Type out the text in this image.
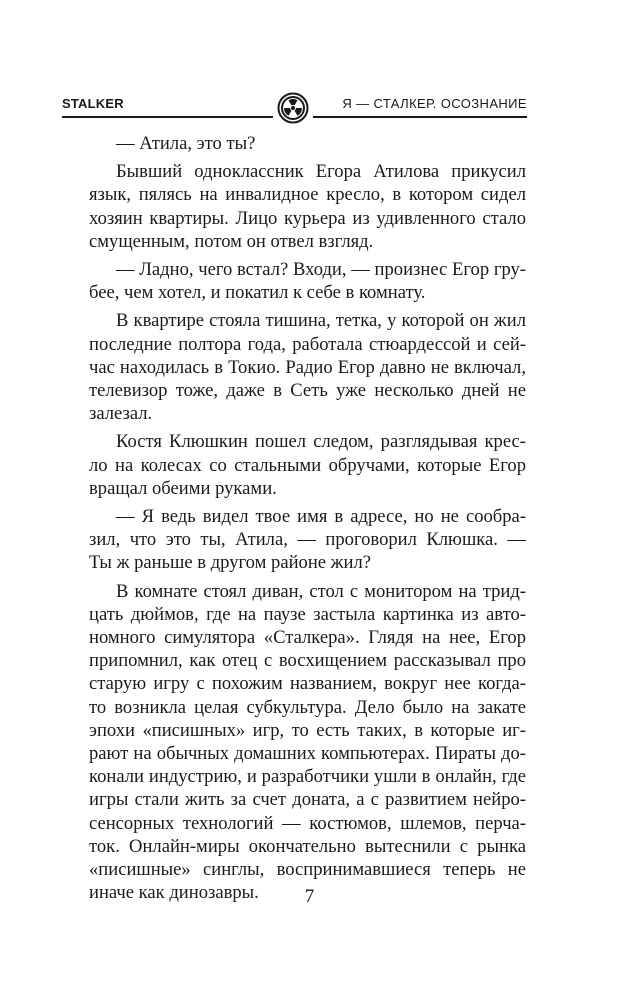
STALKER	Я — СТАЛКЕР. ОСОЗНАНИЕ
— Атила, это ты?
Бывший одноклассник Егора Атилова прикусил
язык, пялясь на инвалидное кресло, в котором сидел
хозяин квартиры. Лицо курьера из удивленного стало
смущенным, потом он отвел взгляд.
— Ладно, чего встал? Входи, — произнес Егор гру-
бее, чем хотел, и покатил к себе в комнату.
В квартире стояла тишина, тетка, у которой он жил
последние полтора года, работала стюардессой и сей-
час находилась в Токио. Радио Егор давно не включал,
телевизор тоже, даже в Сеть уже несколько дней не
залезал.
Костя Клюшкин пошел следом, разглядывая крес-
ло на колесах со стальными обручами, которые Егор
вращал обеими руками.
— Я ведь видел твое имя в адресе, но не сообра-
зил, что это ты, Атила, — проговорил Клюшка. —
Ты ж раньше в другом районе жил?
В комнате стоял диван, стол с монитором на трид-
цать дюймов, где на паузе застыла картинка из авто-
номного симулятора «Сталкера». Глядя на нее, Егор
припомнил, как отец с восхищением рассказывал про
старую игру с похожим названием, вокруг нее когда-
то возникла целая субкультура. Дело было на закате
эпохи «писишных» игр, то есть таких, в которые иг-
рают на обычных домашних компьютерах. Пираты до-
конали индустрию, и разработчики ушли в онлайн, где
игры стали жить за счет доната, а с развитием нейро-
сенсорных технологий — костюмов, шлемов, перча-
ток. Онлайн-миры окончательно вытеснили с рынка
«писишные» синглы, воспринимавшиеся теперь не
иначе как динозавры.	7
